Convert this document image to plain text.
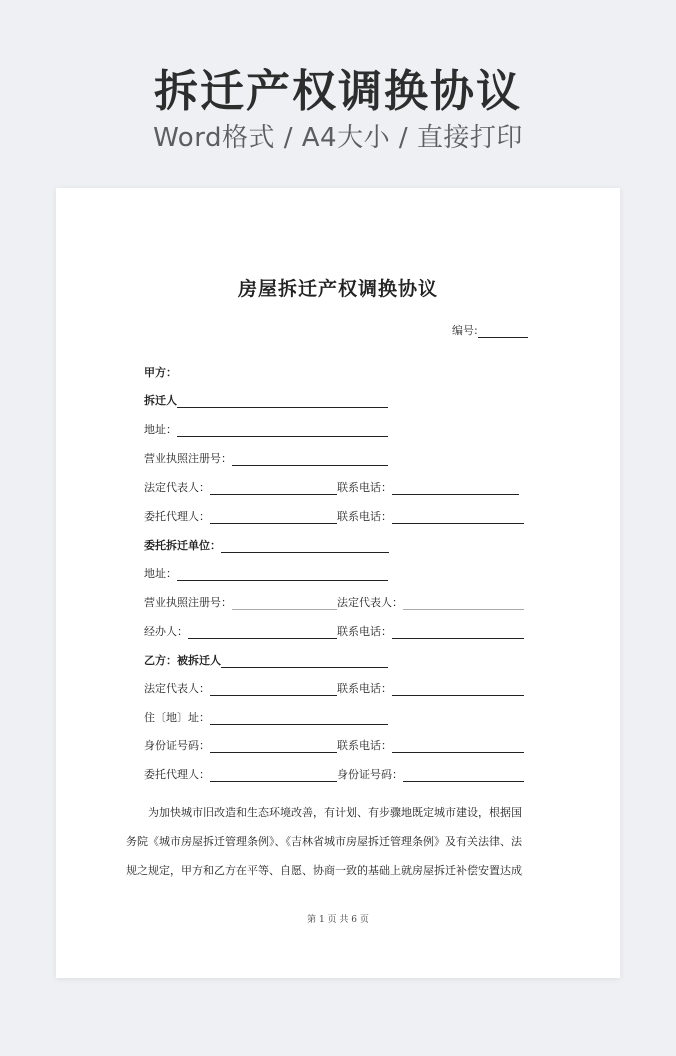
拆迁产权调换协议
Word格式 / A4大小 / 直接打印
房屋拆迁产权调换协议
编号:
甲方：
拆迁人
地址：
营业执照注册号：
法定代表人：	联系电话：
委托代理人：	联系电话：
委托拆迁单位：
地址：
营业执照注册号：	法定代表人：
经办人：	联系电话：
乙方：被拆迁人
法定代表人：	联系电话：
住〔地〕址：
身份证号码：	联系电话：
委托代理人：	身份证号码：

为加快城市旧改造和生态环境改善，有计划、有步骤地既定城市建设，根据国

务院《城市房屋拆迁管理条例》、《吉林省城市房屋拆迁管理条例》及有关法律、法

规之规定，甲方和乙方在平等、自愿、协商一致的基础上就房屋拆迁补偿安置达成

第 1 页 共 6 页
